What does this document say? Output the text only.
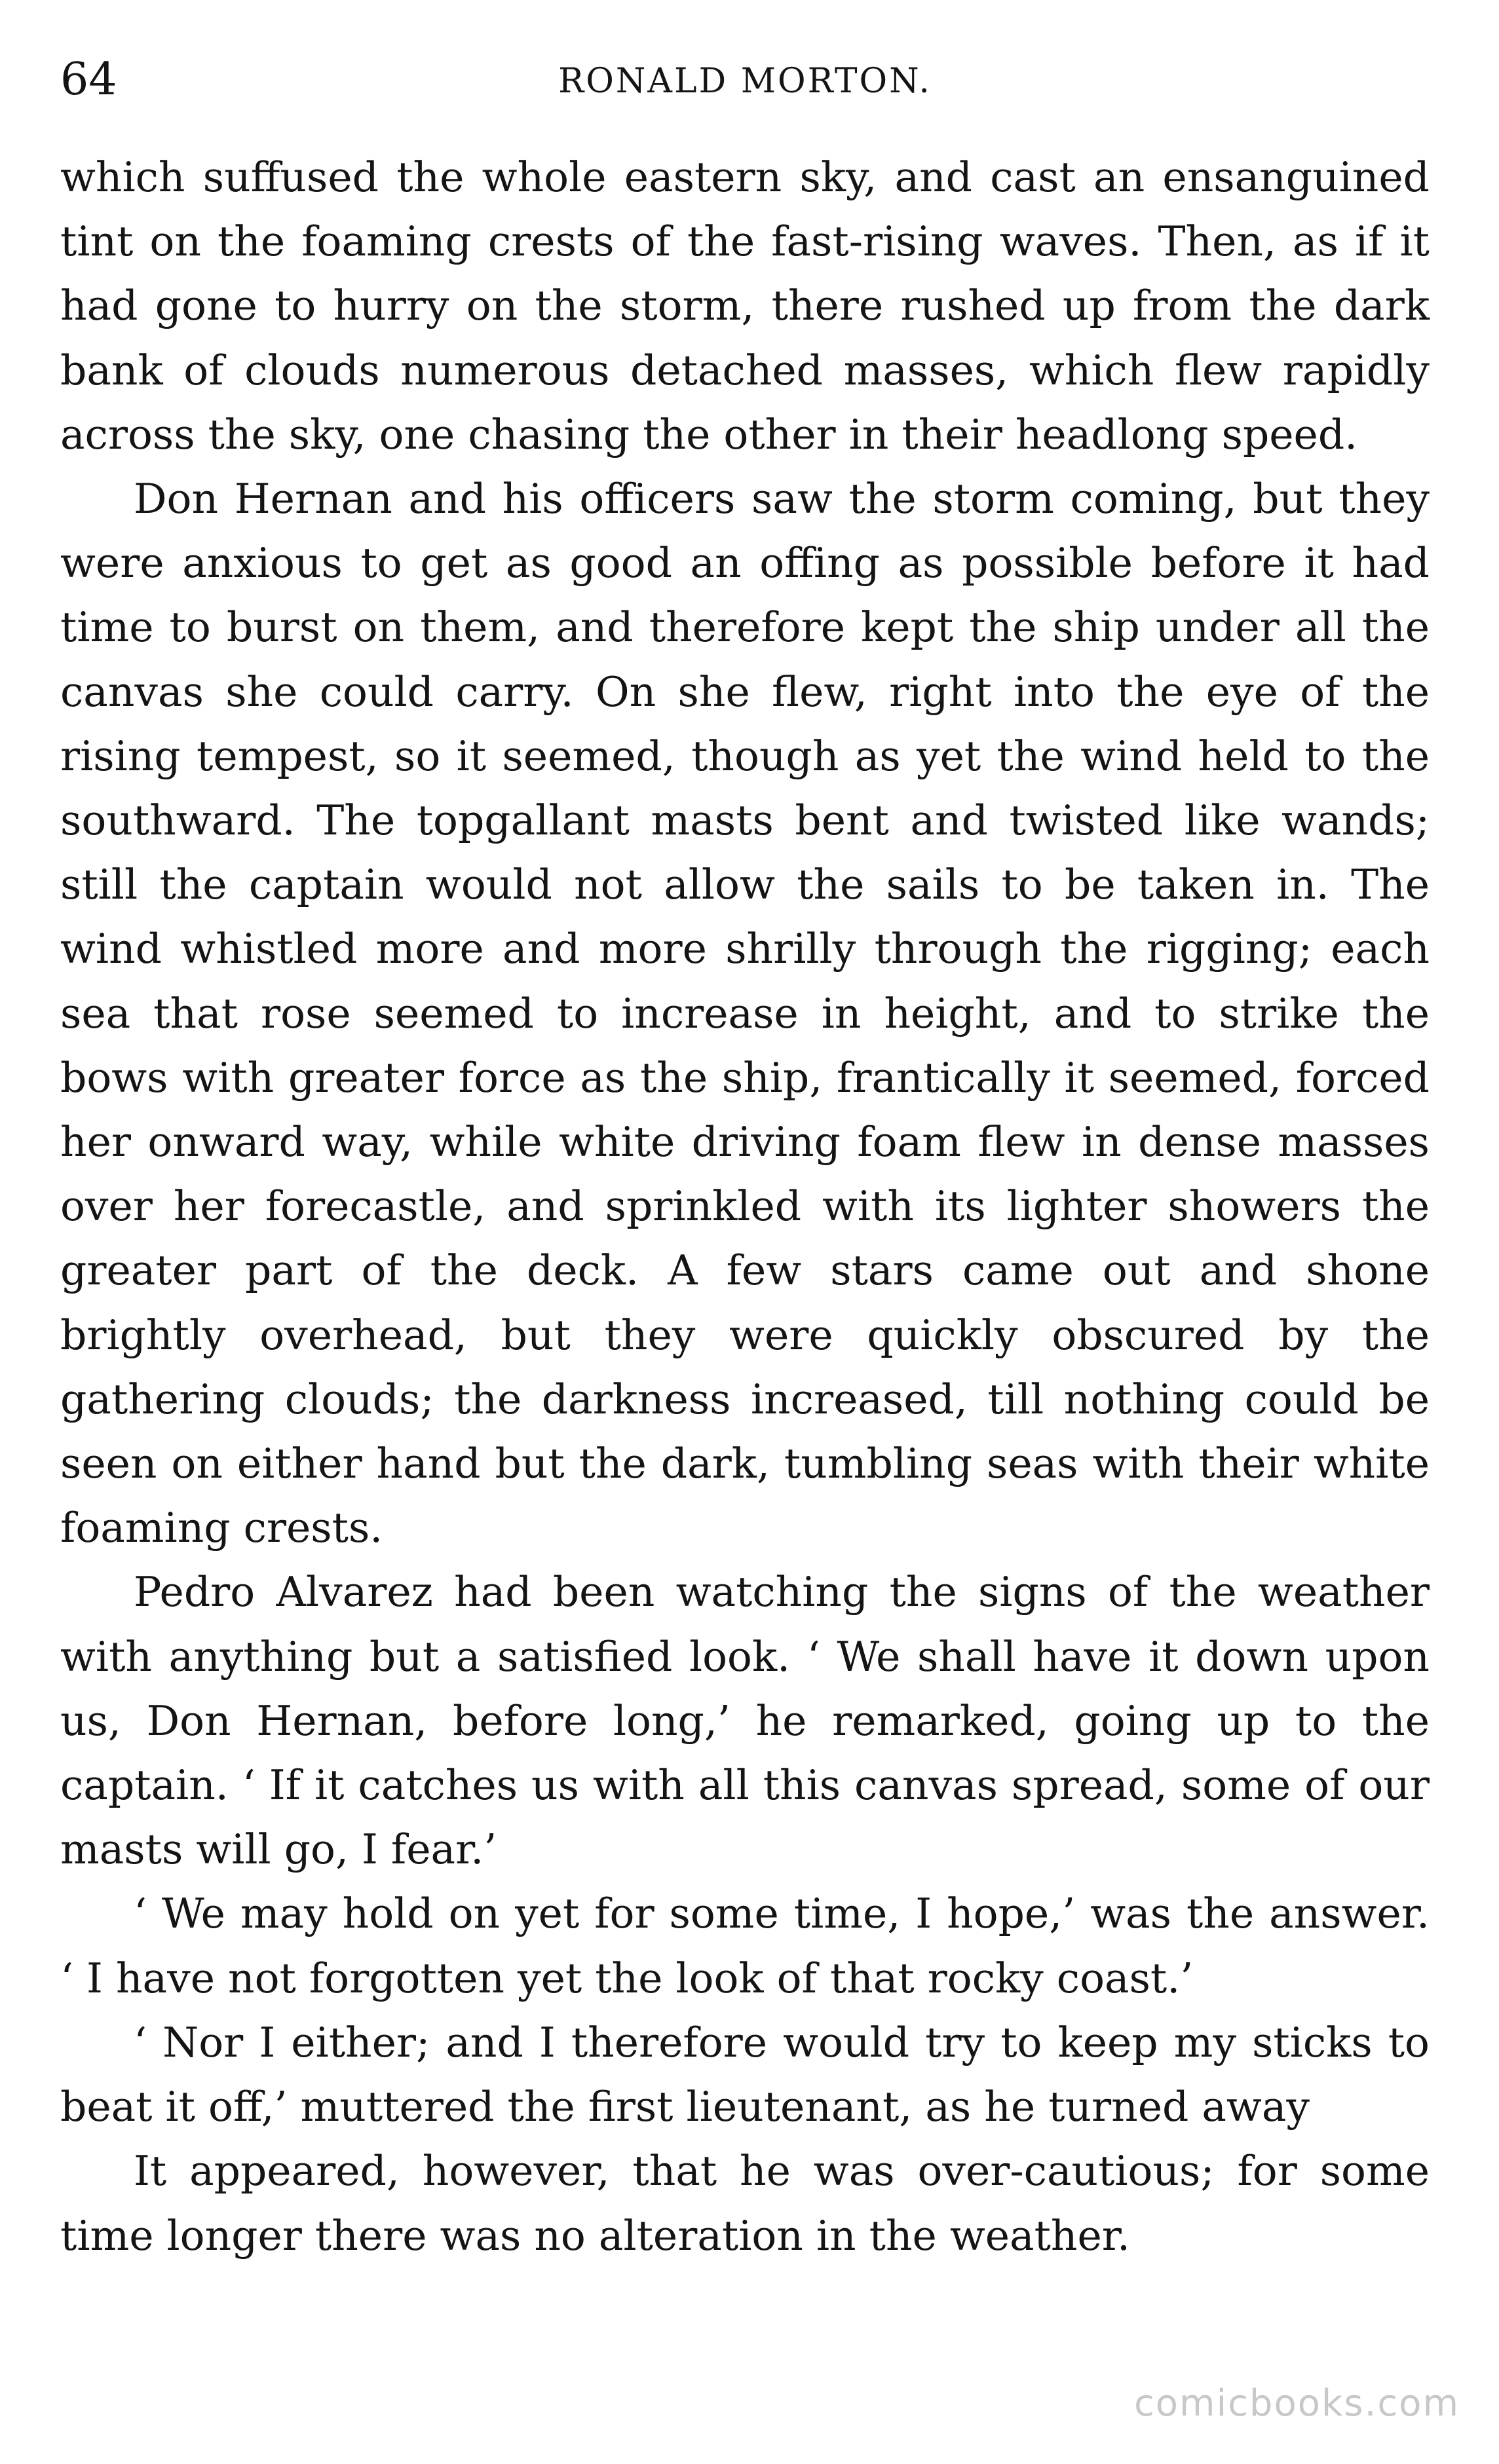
64	RONALD MORTON.

which suffused the whole eastern sky, and cast an ensanguined tint on the foaming crests of the fast-rising waves. Then, as if it had gone to hurry on the storm, there rushed up from the dark bank of clouds numerous detached masses, which flew rapidly across the sky, one chasing the other in their headlong speed.

Don Hernan and his officers saw the storm coming, but they were anxious to get as good an offing as possible before it had time to burst on them, and therefore kept the ship under all the canvas she could carry. On she flew, right into the eye of the rising tempest, so it seemed, though as yet the wind held to the southward. The topgallant masts bent and twisted like wands; still the captain would not allow the sails to be taken in. The wind whistled more and more shrilly through the rigging; each sea that rose seemed to increase in height, and to strike the bows with greater force as the ship, frantically it seemed, forced her onward way, while white driving foam flew in dense masses over her forecastle, and sprinkled with its lighter showers the greater part of the deck. A few stars came out and shone brightly overhead, but they were quickly obscured by the gathering clouds; the darkness increased, till nothing could be seen on either hand but the dark, tumbling seas with their white foaming crests.

Pedro Alvarez had been watching the signs of the weather with anything but a satisfied look. ‘ We shall have it down upon us, Don Hernan, before long,’ he remarked, going up to the captain. ‘ If it catches us with all this canvas spread, some of our masts will go, I fear.’

‘ We may hold on yet for some time, I hope,’ was the answer. ‘ I have not forgotten yet the look of that rocky coast.’

‘ Nor I either; and I therefore would try to keep my sticks to beat it off,’ muttered the first lieutenant, as he turned away

It appeared, however, that he was over-cautious; for some time longer there was no alteration in the weather.

comicbooks.com
